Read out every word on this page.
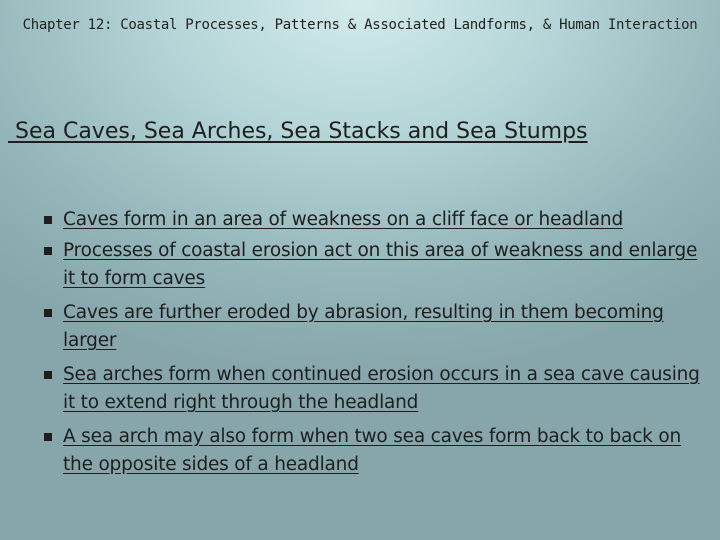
Chapter 12: Coastal Processes, Patterns & Associated Landforms, & Human Interaction
Sea Caves, Sea Arches, Sea Stacks and Sea Stumps
Caves form in an area of weakness on a cliff face or headland
Processes of coastal erosion act on this area of weakness and enlarge it to form caves
Caves are further eroded by abrasion, resulting in them becoming larger
Sea arches form when continued erosion occurs in a sea cave causing it to extend right through the headland
A sea arch may also form when two sea caves form back to back on the opposite sides of a headland
